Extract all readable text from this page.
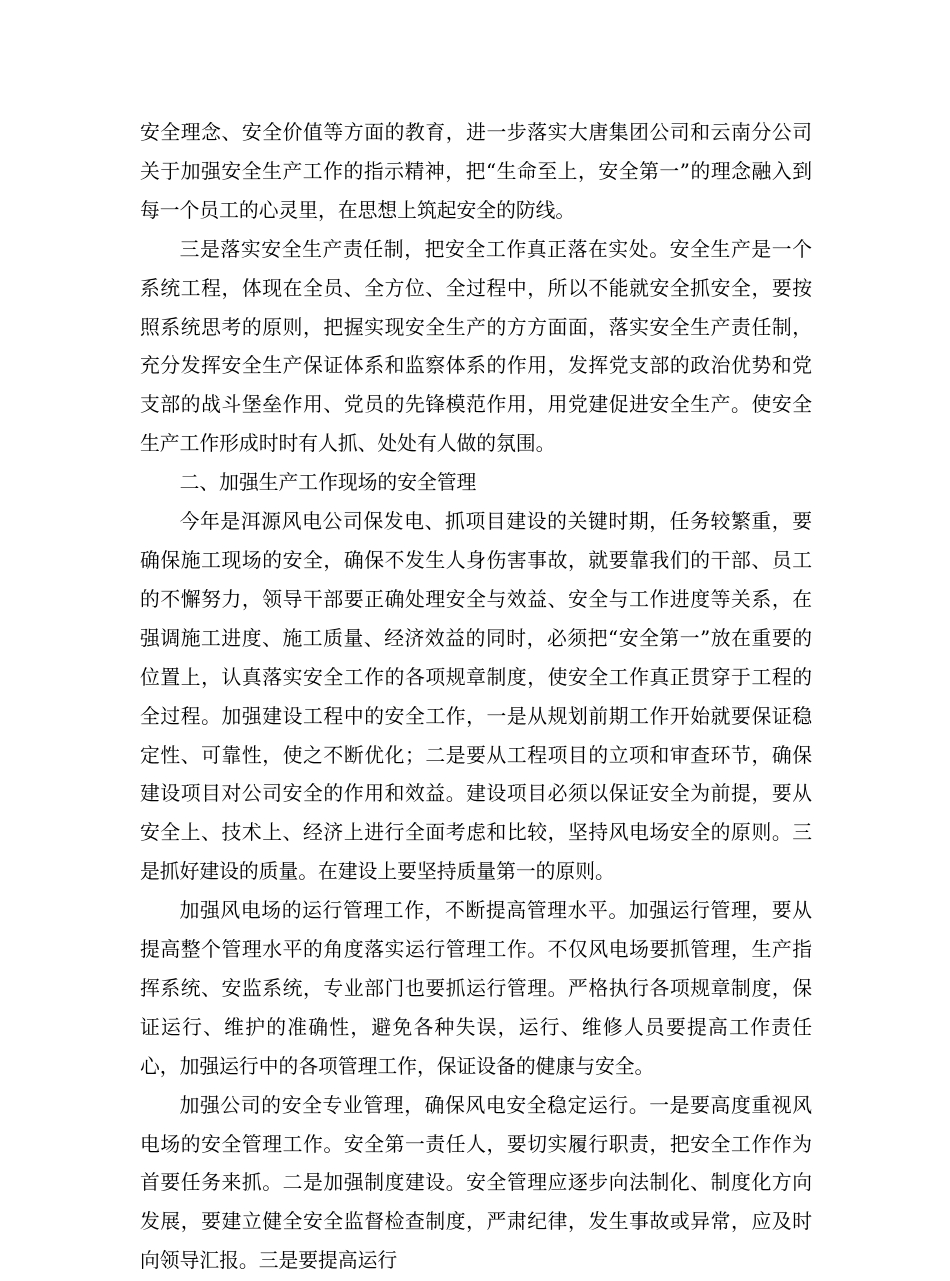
安全理念、安全价值等方面的教育，进一步落实大唐集团公司和云南分公司关于加强安全生产工作的指示精神，把“生命至上，安全第一”的理念融入到每一个员工的心灵里，在思想上筑起安全的防线。

三是落实安全生产责任制，把安全工作真正落在实处。安全生产是一个系统工程，体现在全员、全方位、全过程中，所以不能就安全抓安全，要按照系统思考的原则，把握实现安全生产的方方面面，落实安全生产责任制，充分发挥安全生产保证体系和监察体系的作用，发挥党支部的政治优势和党支部的战斗堡垒作用、党员的先锋模范作用，用党建促进安全生产。使安全生产工作形成时时有人抓、处处有人做的氛围。

二、加强生产工作现场的安全管理

今年是洱源风电公司保发电、抓项目建设的关键时期，任务较繁重，要确保施工现场的安全，确保不发生人身伤害事故，就要靠我们的干部、员工的不懈努力，领导干部要正确处理安全与效益、安全与工作进度等关系，在强调施工进度、施工质量、经济效益的同时，必须把“安全第一”放在重要的位置上，认真落实安全工作的各项规章制度，使安全工作真正贯穿于工程的全过程。加强建设工程中的安全工作，一是从规划前期工作开始就要保证稳定性、可靠性，使之不断优化；二是要从工程项目的立项和审查环节，确保建设项目对公司安全的作用和效益。建设项目必须以保证安全为前提，要从安全上、技术上、经济上进行全面考虑和比较，坚持风电场安全的原则。三是抓好建设的质量。在建设上要坚持质量第一的原则。

加强风电场的运行管理工作，不断提高管理水平。加强运行管理，要从提高整个管理水平的角度落实运行管理工作。不仅风电场要抓管理，生产指挥系统、安监系统，专业部门也要抓运行管理。严格执行各项规章制度，保证运行、维护的准确性，避免各种失误，运行、维修人员要提高工作责任心，加强运行中的各项管理工作，保证设备的健康与安全。

加强公司的安全专业管理，确保风电安全稳定运行。一是要高度重视风电场的安全管理工作。安全第一责任人，要切实履行职责，把安全工作作为首要任务来抓。二是加强制度建设。安全管理应逐步向法制化、制度化方向发展，要建立健全安全监督检查制度，严肃纪律，发生事故或异常，应及时向领导汇报。三是要提高运行
